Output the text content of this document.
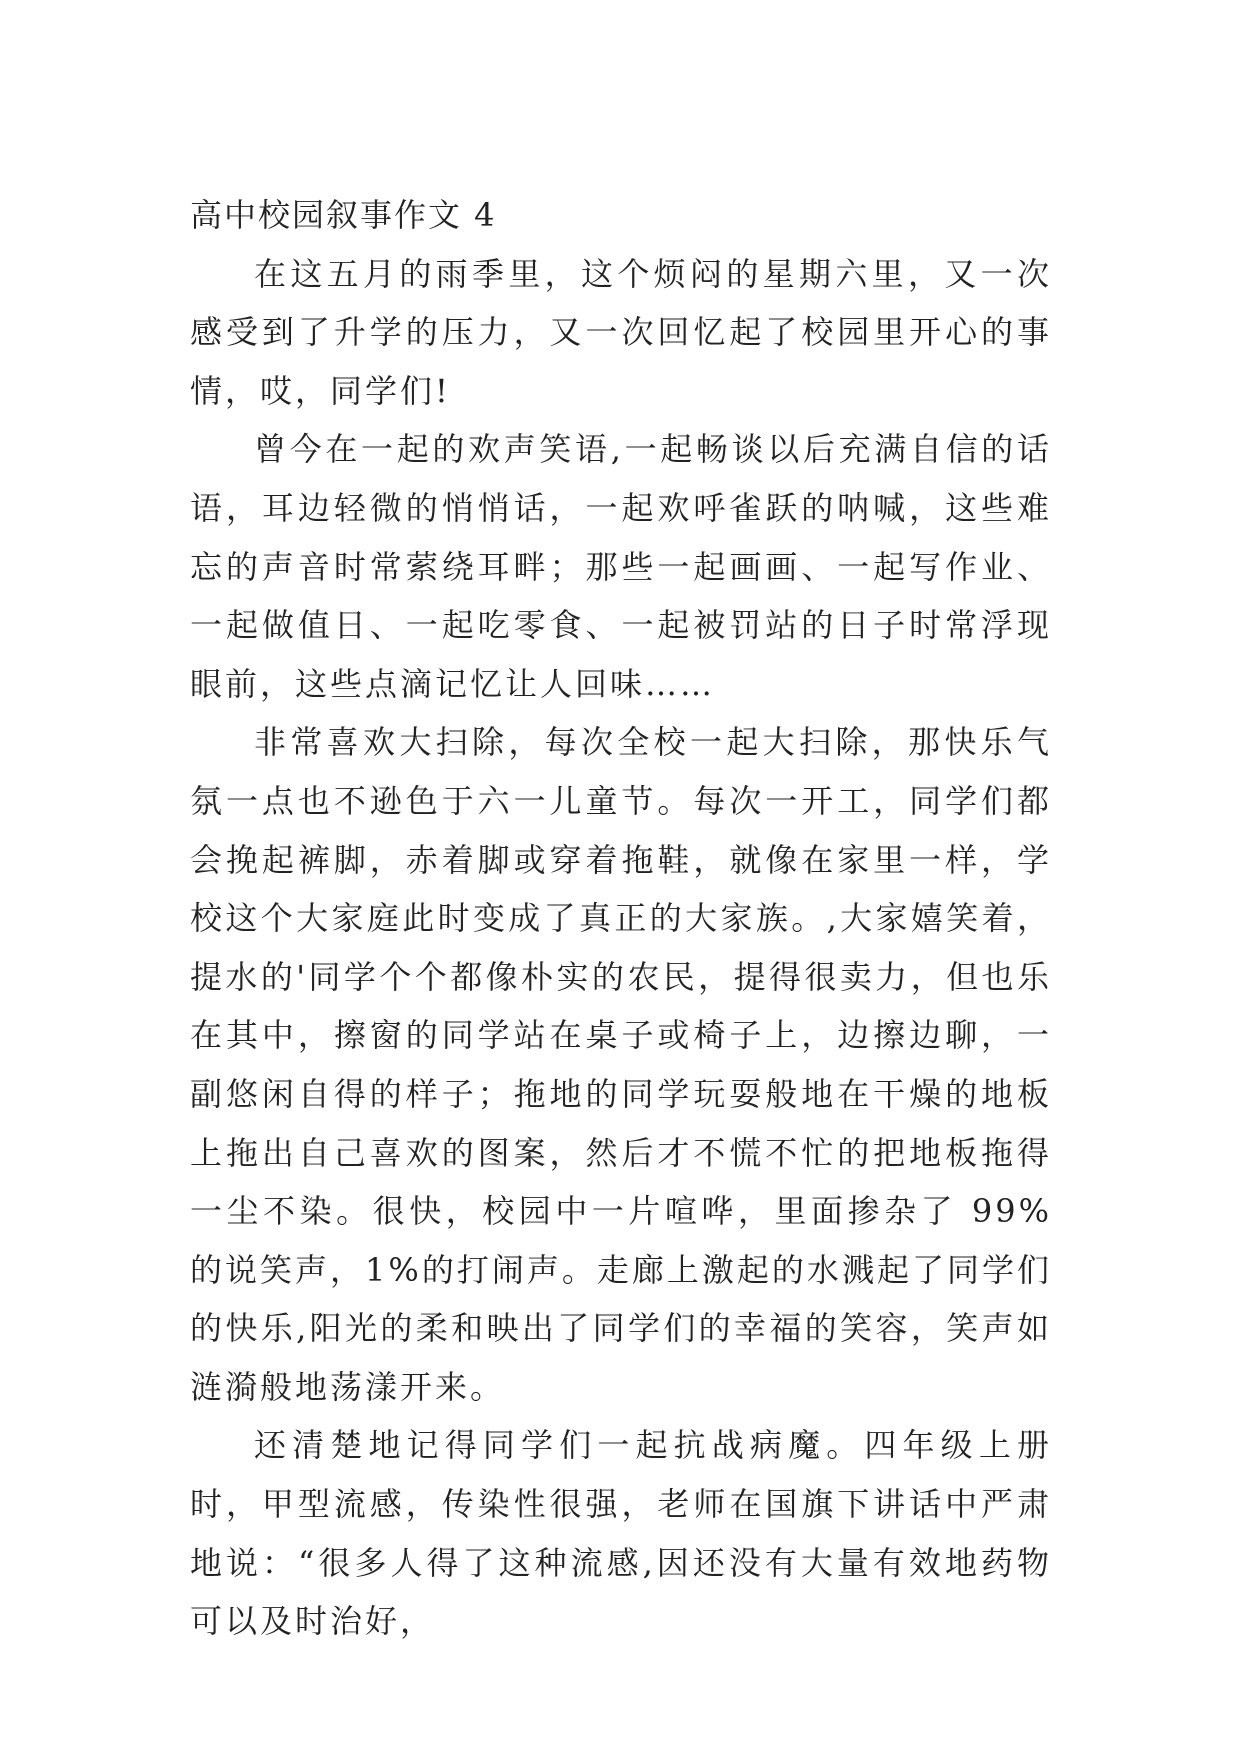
高中校园叙事作文 4

在这五月的雨季里，这个烦闷的星期六里，又一次感受到了升学的压力，又一次回忆起了校园里开心的事情，哎，同学们!

曾今在一起的欢声笑语,一起畅谈以后充满自信的话语，耳边轻微的悄悄话，一起欢呼雀跃的呐喊，这些难忘的声音时常萦绕耳畔；那些一起画画、一起写作业、一起做值日、一起吃零食、一起被罚站的日子时常浮现眼前，这些点滴记忆让人回味……

非常喜欢大扫除，每次全校一起大扫除，那快乐气氛一点也不逊色于六一儿童节。每次一开工，同学们都会挽起裤脚，赤着脚或穿着拖鞋，就像在家里一样，学校这个大家庭此时变成了真正的大家族。,大家嬉笑着，提水的'同学个个都像朴实的农民，提得很卖力，但也乐在其中，擦窗的同学站在桌子或椅子上，边擦边聊，一副悠闲自得的样子；拖地的同学玩耍般地在干燥的地板上拖出自己喜欢的图案，然后才不慌不忙的把地板拖得一尘不染。很快，校园中一片喧哗，里面掺杂了 99%的说笑声，1%的打闹声。走廊上激起的水溅起了同学们的快乐,阳光的柔和映出了同学们的幸福的笑容，笑声如涟漪般地荡漾开来。

还清楚地记得同学们一起抗战病魔。四年级上册时，甲型流感，传染性很强，老师在国旗下讲话中严肃地说：“很多人得了这种流感,因还没有大量有效地药物可以及时治好，
